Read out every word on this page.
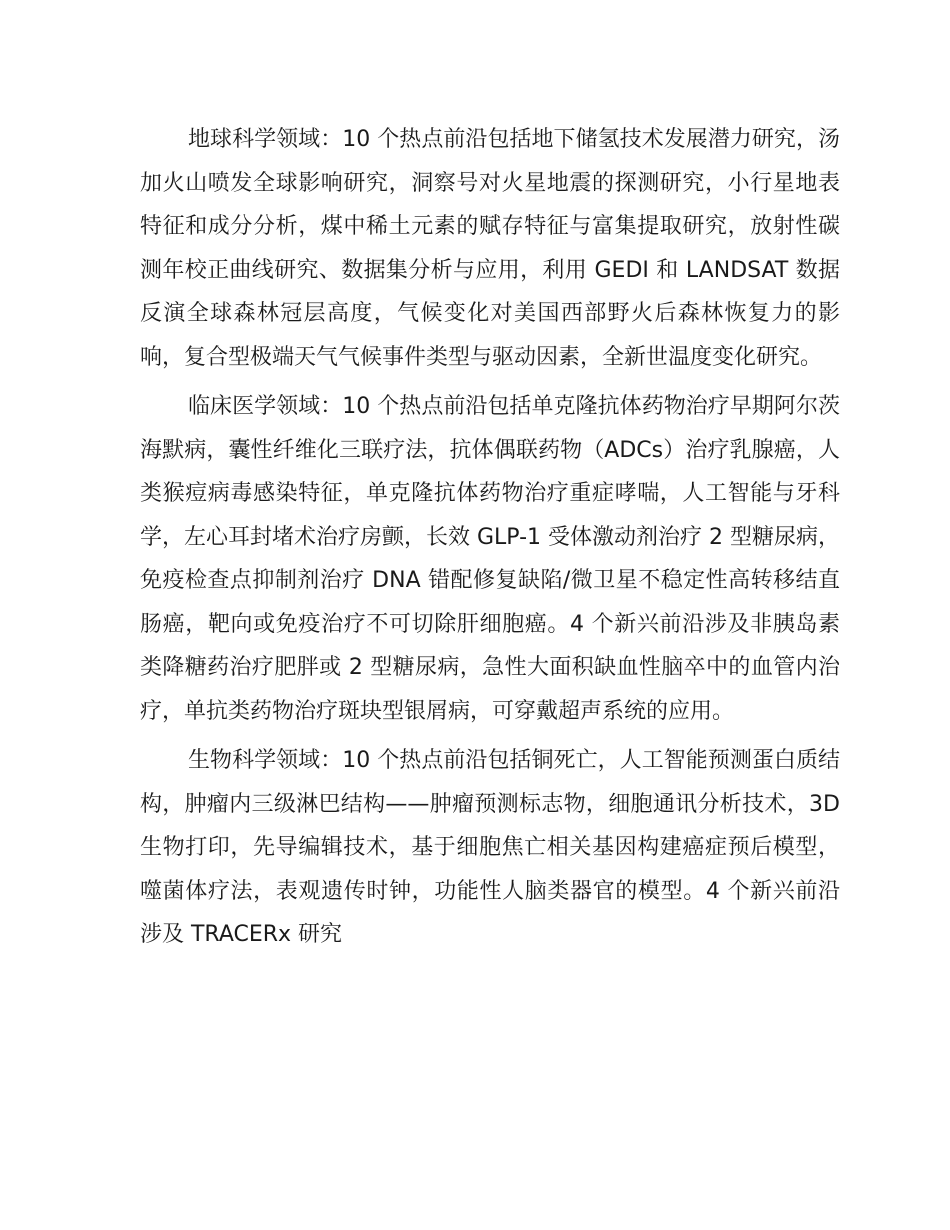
地球科学领域：10 个热点前沿包括地下储氢技术发展潜力研究，汤加火山喷发全球影响研究，洞察号对火星地震的探测研究，小行星地表特征和成分分析，煤中稀土元素的赋存特征与富集提取研究，放射性碳测年校正曲线研究、数据集分析与应用，利用 GEDI 和 LANDSAT 数据反演全球森林冠层高度，气候变化对美国西部野火后森林恢复力的影响，复合型极端天气气候事件类型与驱动因素，全新世温度变化研究。

临床医学领域：10 个热点前沿包括单克隆抗体药物治疗早期阿尔茨海默病，囊性纤维化三联疗法，抗体偶联药物（ADCs）治疗乳腺癌，人类猴痘病毒感染特征，单克隆抗体药物治疗重症哮喘，人工智能与牙科学，左心耳封堵术治疗房颤，长效 GLP-1 受体激动剂治疗 2 型糖尿病，免疫检查点抑制剂治疗 DNA 错配修复缺陷/微卫星不稳定性高转移结直肠癌，靶向或免疫治疗不可切除肝细胞癌。4 个新兴前沿涉及非胰岛素类降糖药治疗肥胖或 2 型糖尿病，急性大面积缺血性脑卒中的血管内治疗，单抗类药物治疗斑块型银屑病，可穿戴超声系统的应用。

生物科学领域：10 个热点前沿包括铜死亡，人工智能预测蛋白质结构，肿瘤内三级淋巴结构——肿瘤预测标志物，细胞通讯分析技术，3D 生物打印，先导编辑技术，基于细胞焦亡相关基因构建癌症预后模型，噬菌体疗法，表观遗传时钟，功能性人脑类器官的模型。4 个新兴前沿涉及 TRACERx 研究
